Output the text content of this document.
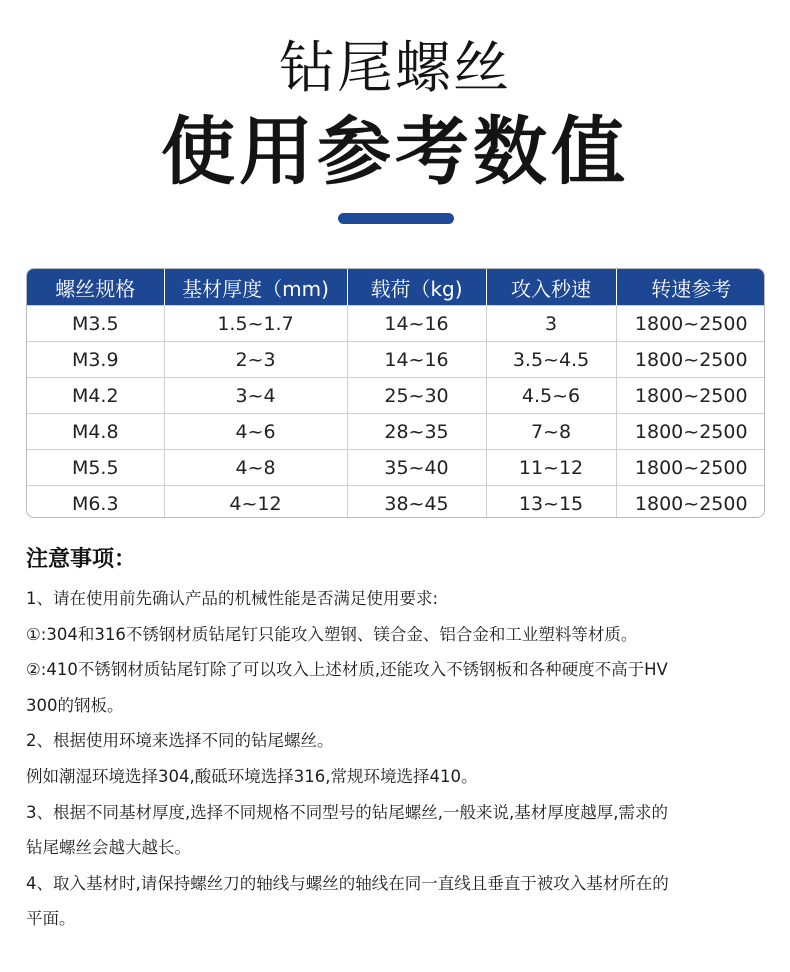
钻尾螺丝
使用参考数值
螺丝规格	基材厚度（mm)	载荷（kg)	攻入秒速	转速参考
M3.5	1.5~1.7	14~16	3	1800~2500
M3.9	2~3	14~16	3.5~4.5	1800~2500
M4.2	3~4	25~30	4.5~6	1800~2500
M4.8	4~6	28~35	7~8	1800~2500
M5.5	4~8	35~40	11~12	1800~2500
M6.3	4~12	38~45	13~15	1800~2500
注意事项：
1、请在使用前先确认产品的机械性能是否满足使用要求:
①:304和316不锈钢材质钻尾钉只能攻入塑钢、镁合金、铝合金和工业塑料等材质。
②:410不锈钢材质钻尾钉除了可以攻入上述材质,还能攻入不锈钢板和各种硬度不高于HV
300的钢板。
2、根据使用环境来选择不同的钻尾螺丝。
例如潮湿环境选择304,酸砥环境选择316,常规环境选择410。
3、根据不同基材厚度,选择不同规格不同型号的钻尾螺丝,一般来说,基材厚度越厚,需求的
钻尾螺丝会越大越长。
4、取入基材时,请保持螺丝刀的轴线与螺丝的轴线在同一直线且垂直于被攻入基材所在的
平面。
